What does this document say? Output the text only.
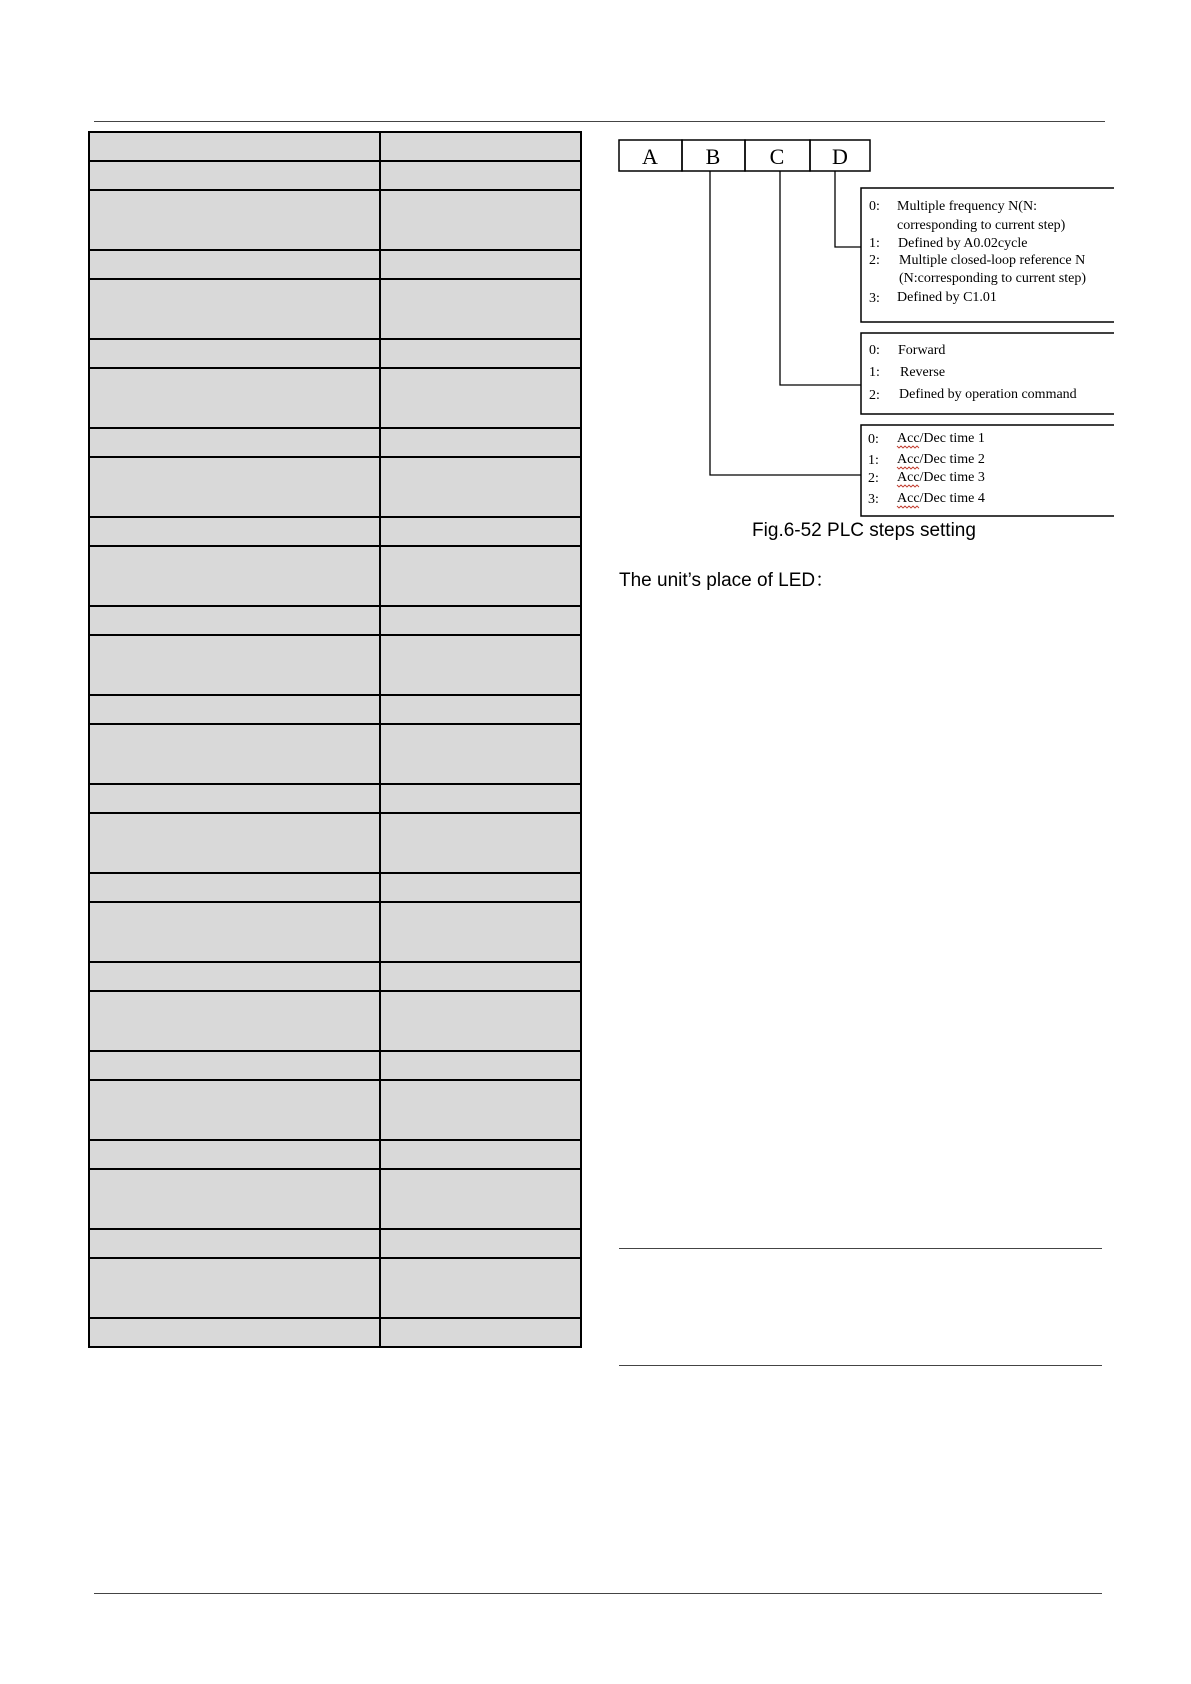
A B C D
0: Multiple frequency N(N:
corresponding to current step)
1: Defined by A0.02cycle
2: Multiple closed-loop reference N
(N:corresponding to current step)
3: Defined by C1.01
0: Forward
1: Reverse
2: Defined by operation command
0: Acc/Dec time 1
1: Acc/Dec time 2
2: Acc/Dec time 3
3: Acc/Dec time 4
Fig.6-52 PLC steps setting
The unit’s place of LED：
